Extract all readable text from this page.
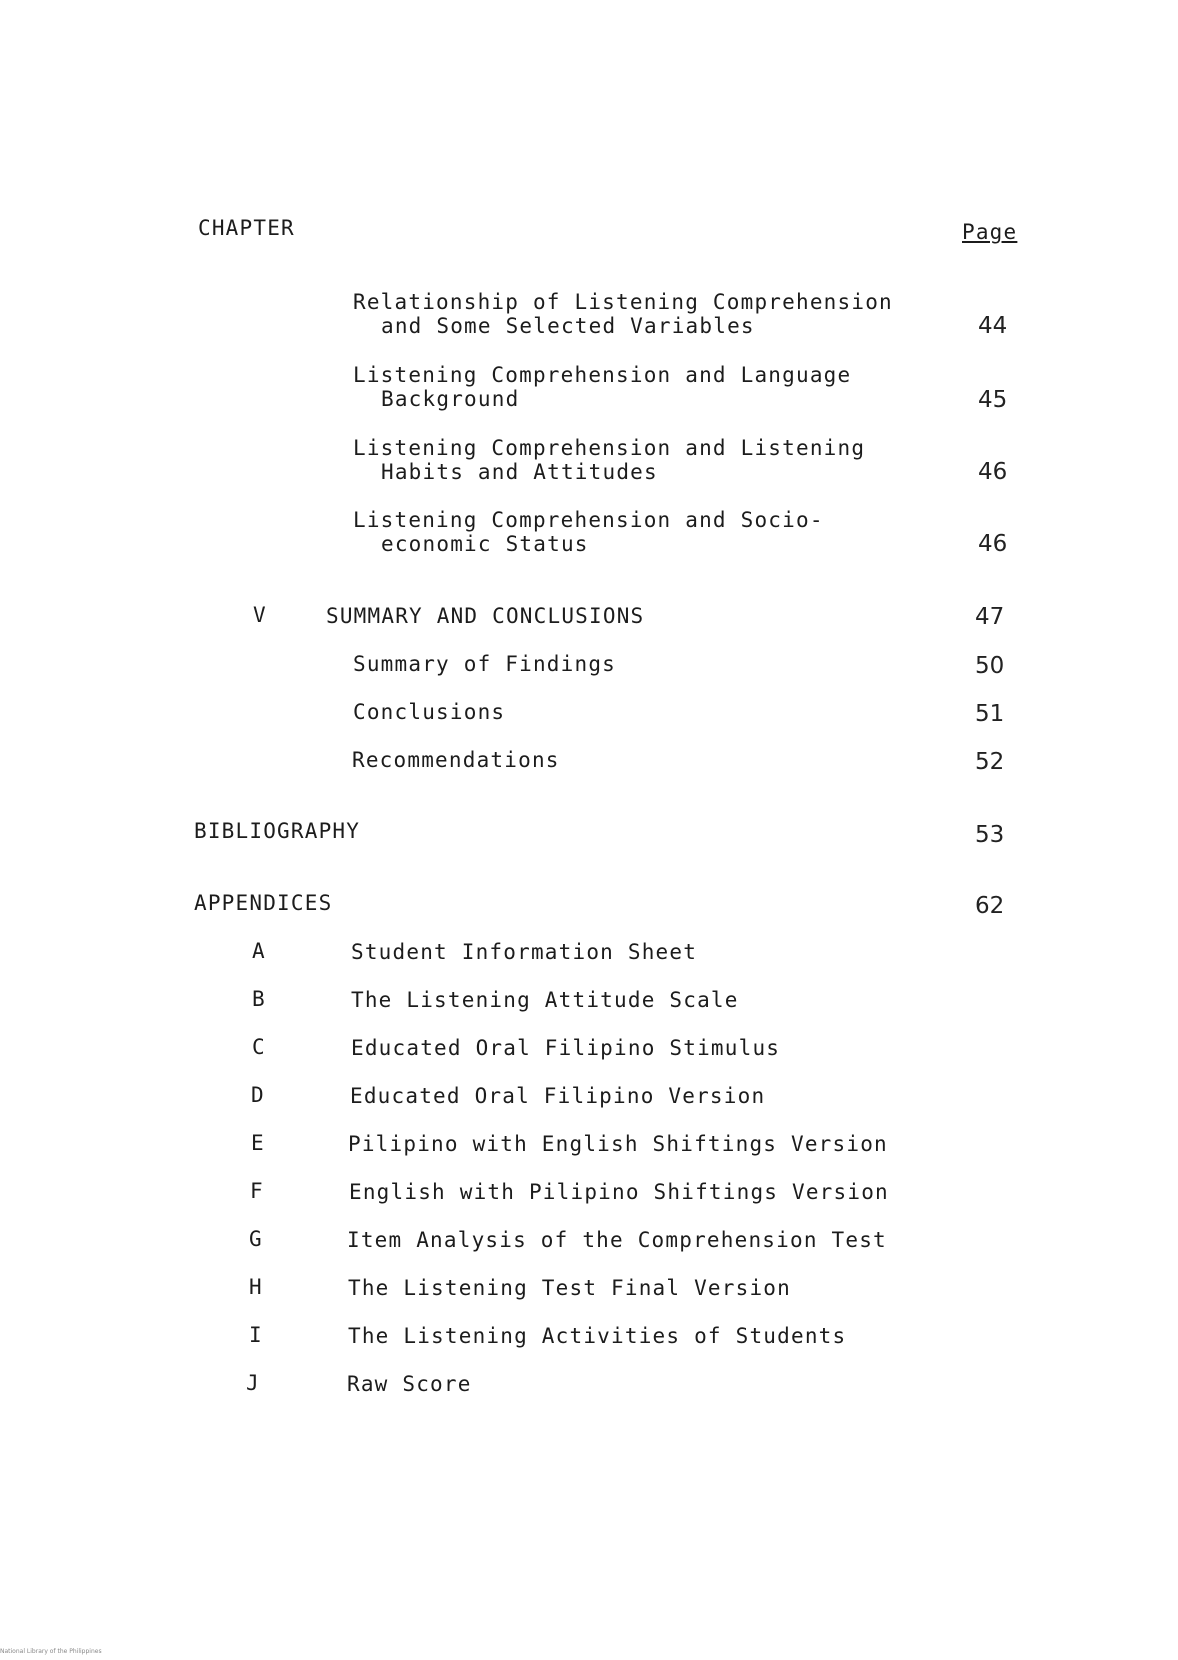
CHAPTER	Page
Relationship of Listening Comprehension
and Some Selected Variables	44
Listening Comprehension and Language
Background	45
Listening Comprehension and Listening
Habits and Attitudes	46
Listening Comprehension and Socio-
economic Status	46
V	SUMMARY AND CONCLUSIONS	47
Summary of Findings	50
Conclusions	51
Recommendations	52
BIBLIOGRAPHY	53
APPENDICES	62
A	Student Information Sheet
B	The Listening Attitude Scale
C	Educated Oral Filipino Stimulus
D	Educated Oral Filipino Version
E	Pilipino with English Shiftings Version
F	English with Pilipino Shiftings Version
G	Item Analysis of the Comprehension Test
H	The Listening Test Final Version
I	The Listening Activities of Students
J	Raw Score
National Library of the Philippines
